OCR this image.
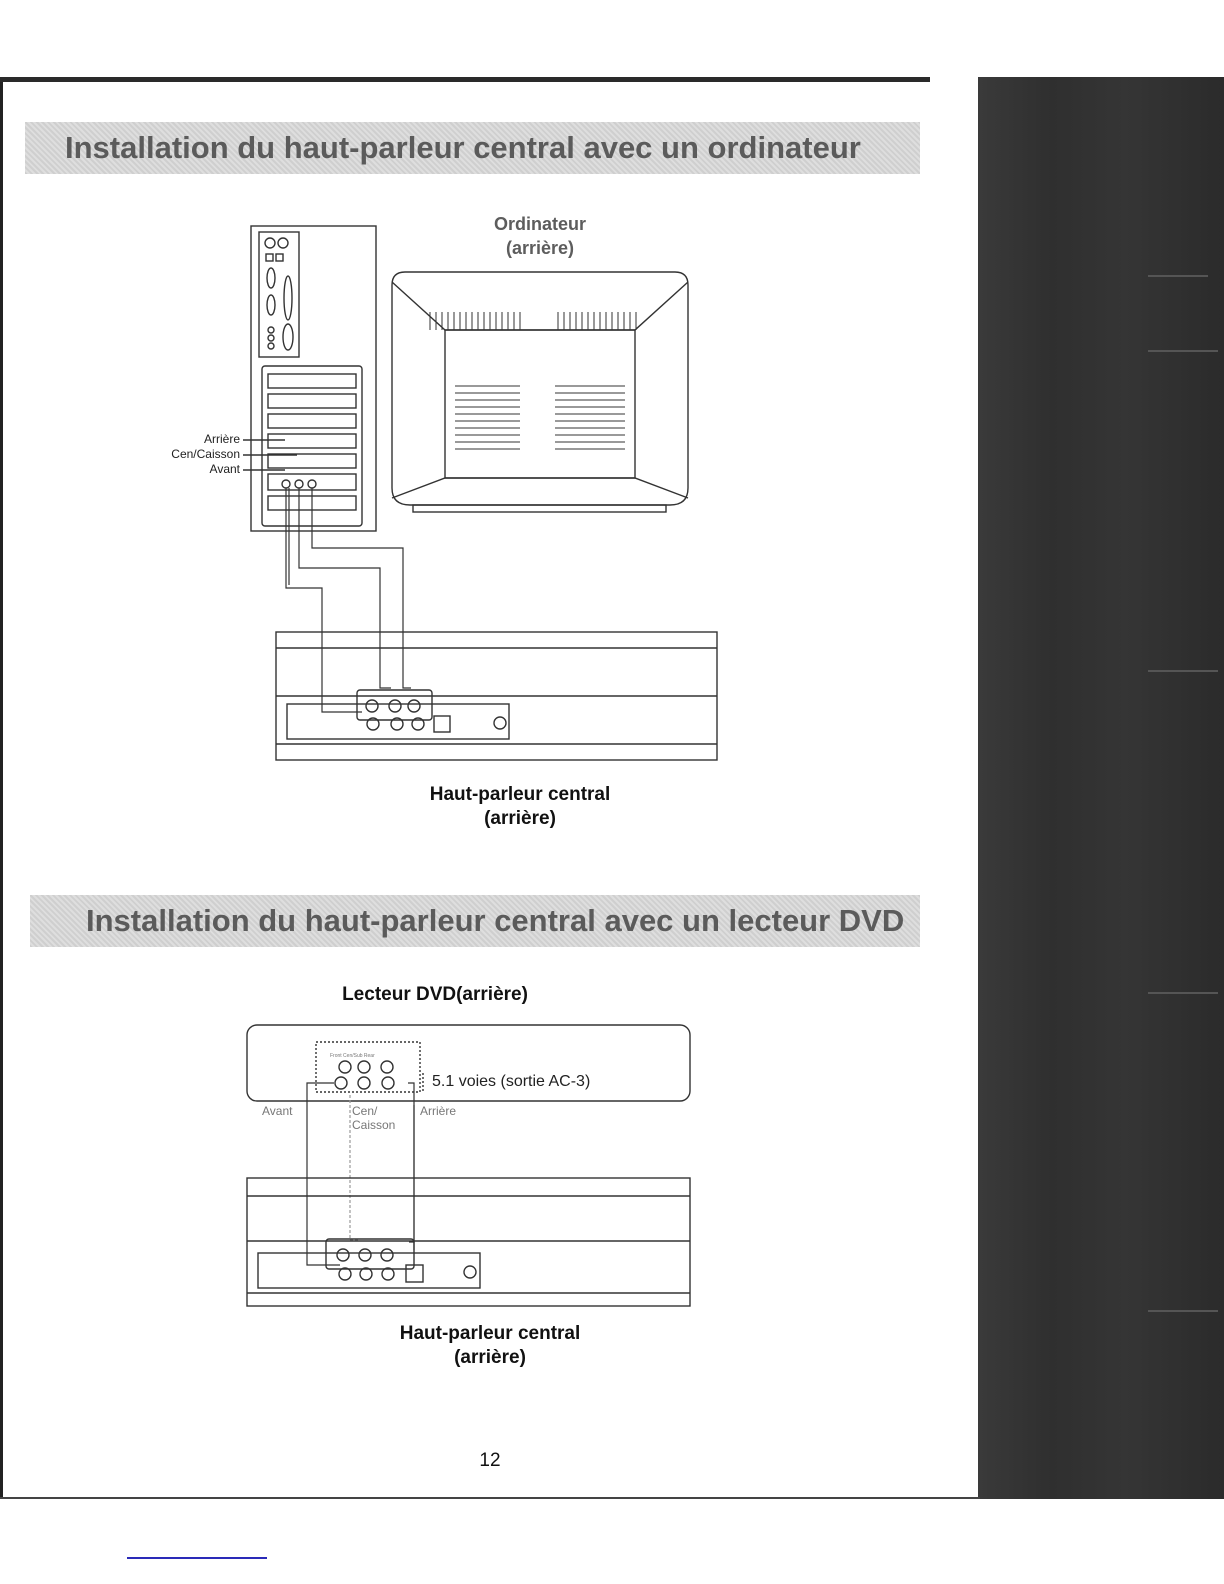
Installation du haut-parleur central avec un ordinateur
Ordinateur
(arrière)
Front Cen/Sub Rear
Arrière
Cen/Caisson
Avant
Haut-parleur central
(arrière)
Installation du haut-parleur central avec un lecteur DVD
Lecteur DVD(arrière)
5.1 voies (sortie AC-3)
Avant	Cen/
Caisson
Arrière
Haut-parleur central
(arrière)
12
